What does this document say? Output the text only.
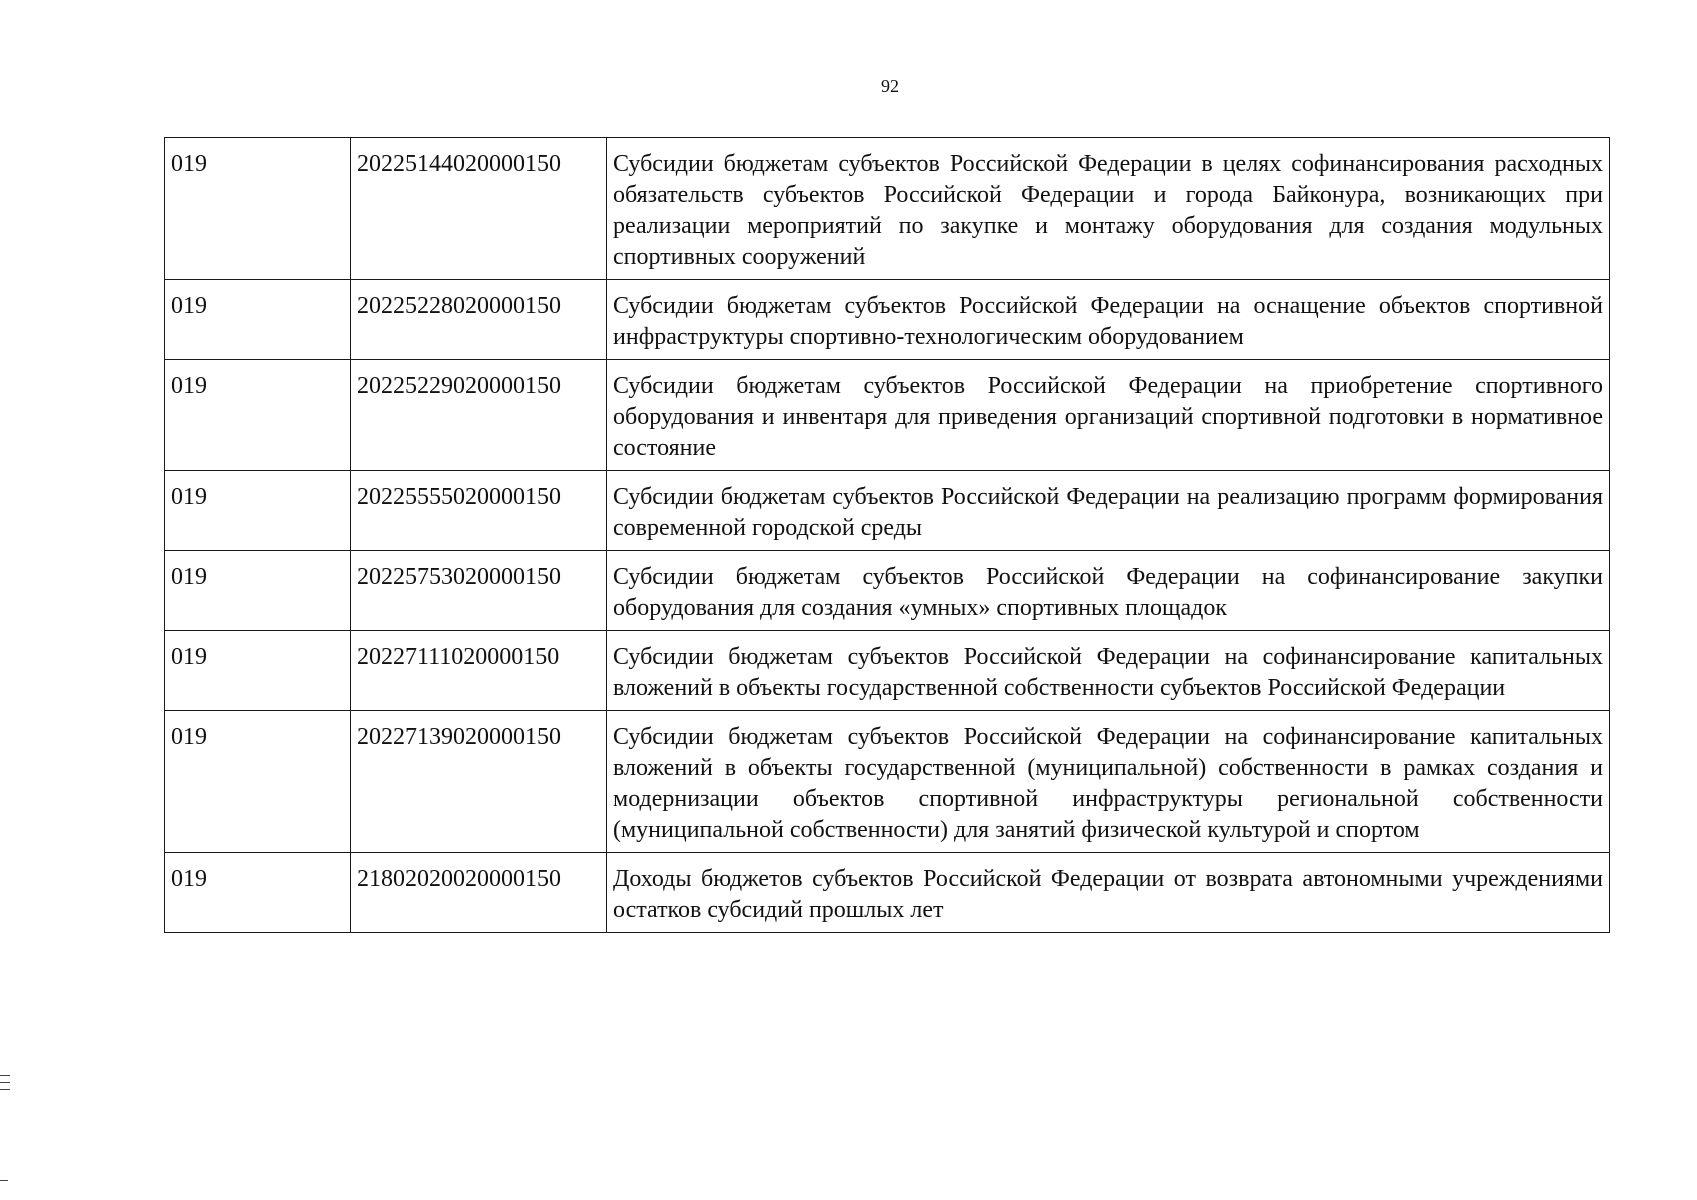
92
019	20225144020000150	Субсидии бюджетам субъектов Российской Федерации в целях софинансирования расходных обязательств субъектов Российской Федерации и города Байконура, возникающих при реализации мероприятий по закупке и монтажу оборудования для создания модульных спортивных сооружений
019	20225228020000150	Субсидии бюджетам субъектов Российской Федерации на оснащение объектов спортивной инфраструктуры спортивно-технологическим оборудованием
019	20225229020000150	Субсидии бюджетам субъектов Российской Федерации на приобретение спортивного оборудования и инвентаря для приведения организаций спортивной подготовки в нормативное состояние
019	20225555020000150	Субсидии бюджетам субъектов Российской Федерации на реализацию программ формирования современной городской среды
019	20225753020000150	Субсидии бюджетам субъектов Российской Федерации на софинансирование закупки оборудования для создания «умных» спортивных площадок
019	20227111020000150	Субсидии бюджетам субъектов Российской Федерации на софинансирование капитальных вложений в объекты государственной собственности субъектов Российской Федерации
019	20227139020000150	Субсидии бюджетам субъектов Российской Федерации на софинансирование капитальных вложений в объекты государственной (муниципальной) собственности в рамках создания и модернизации объектов спортивной инфраструктуры региональной собственности (муниципальной собственности) для занятий физической культурой и спортом
019	21802020020000150	Доходы бюджетов субъектов Российской Федерации от возврата автономными учреждениями остатков субсидий прошлых лет
